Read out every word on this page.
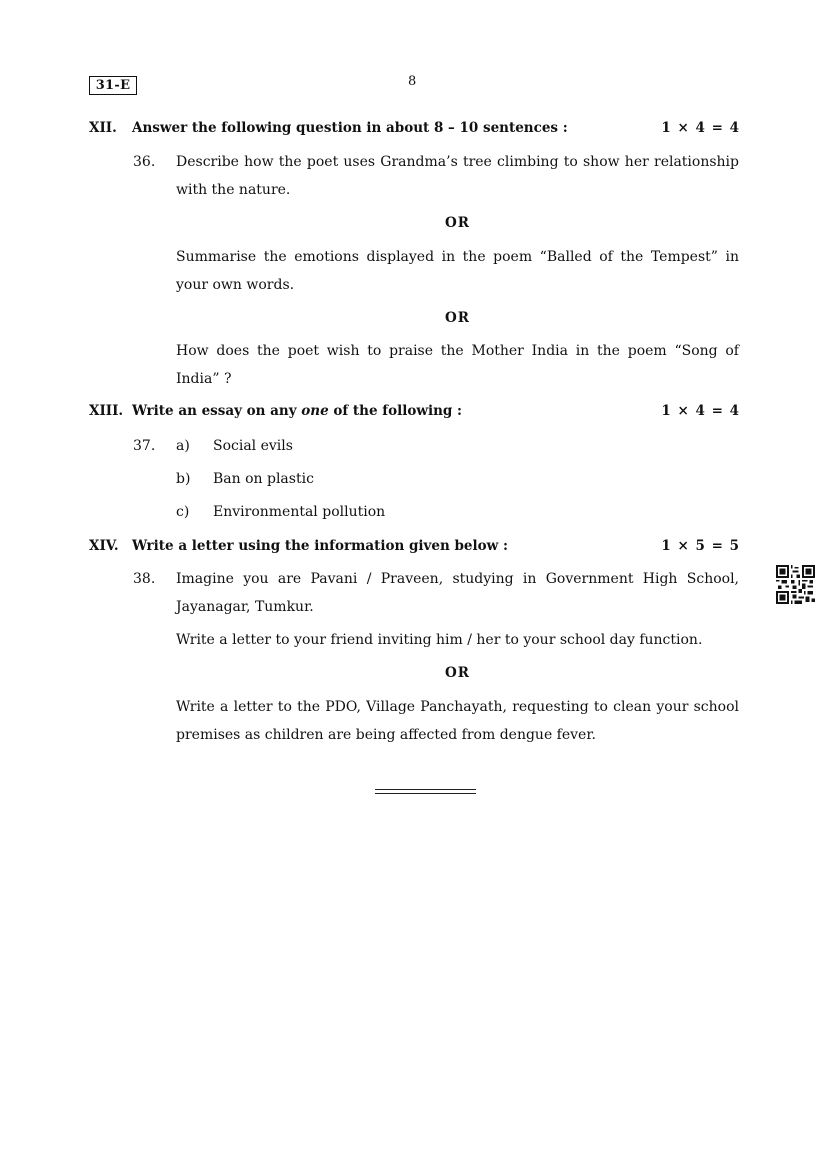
31-E	8
XII. Answer the following question in about 8 – 10 sentences :	1 × 4 = 4
36. Describe how the poet uses Grandma’s tree climbing to show her relationship with the nature.

OR

Summarise the emotions displayed in the poem “Balled of the Tempest” in your own words.

OR

How does the poet wish to praise the Mother India in the poem “Song of India” ?

XIII. Write an essay on any one of the following :	1 × 4 = 4
37. a) Social evils
b) Ban on plastic
c) Environmental pollution
XIV. Write a letter using the information given below :	1 × 5 = 5
38. Imagine you are Pavani / Praveen, studying in Government High School, Jayanagar, Tumkur.

Write a letter to your friend inviting him / her to your school day function.

OR

Write a letter to the PDO, Village Panchayath, requesting to clean your school premises as children are being affected from dengue fever.
